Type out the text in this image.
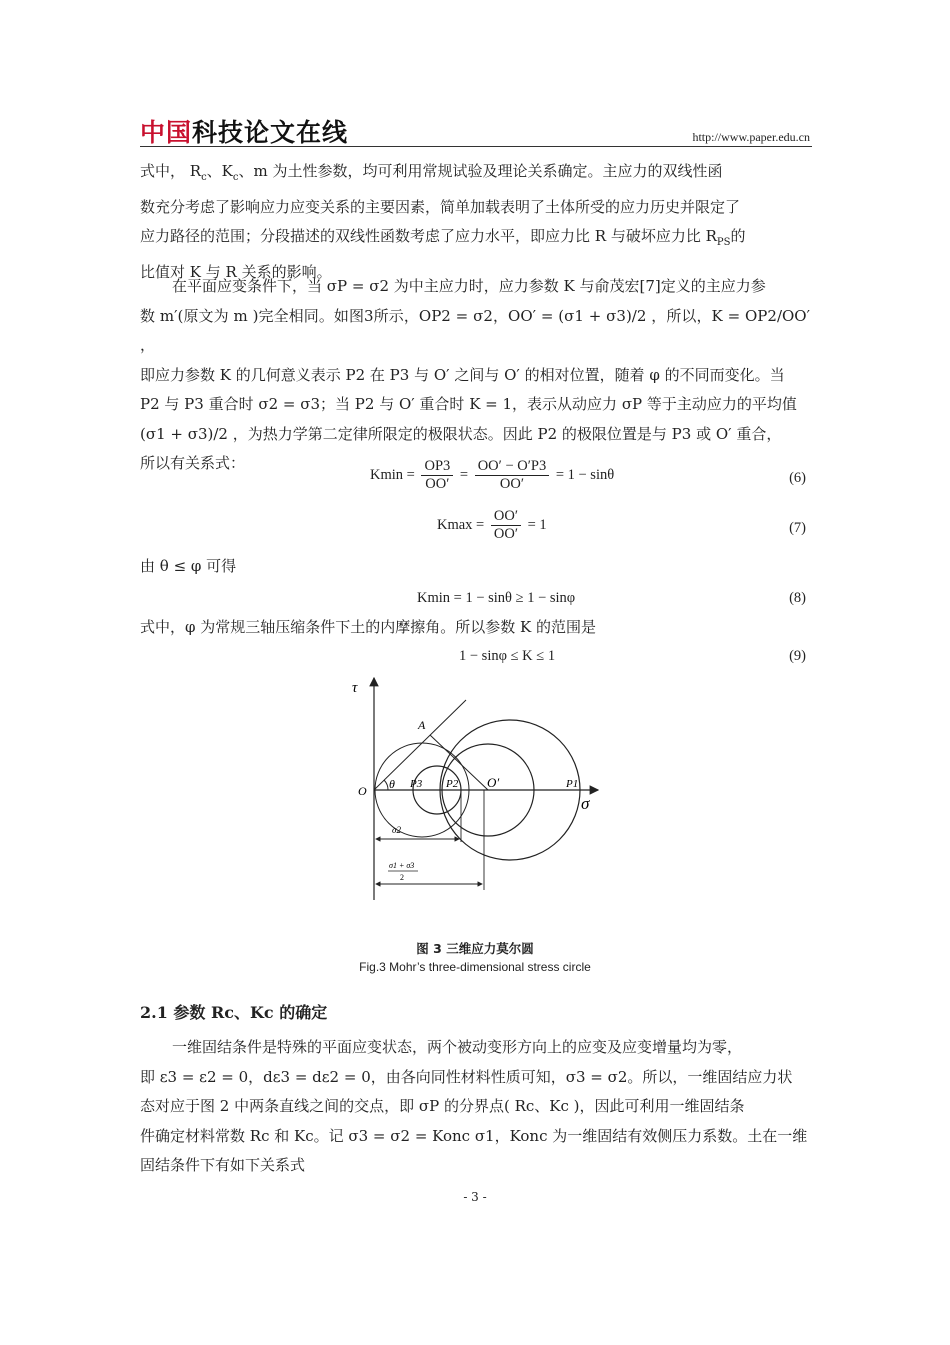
中国科技论文在线	http://www.paper.edu.cn
式中， $R_c$、$K_c$、m 为土性参数，均可利用常规试验及理论关系确定。主应力的双线性函
数充分考虑了影响应力应变关系的主要因素，简单加载表明了土体所受的应力历史并限定了
应力路径的范围；分段描述的双线性函数考虑了应力水平，即应力比 R 与破坏应力比 $R_{PS}$的
比值对 K 与 R 关系的影响。
在平面应变条件下，当 σP = σ2 为中主应力时，应力参数 K 与俞茂宏[7]定义的主应力参
数 m′(原文为 m )完全相同。如图3所示，OP2 = σ2，OO′ = (σ1 + σ3)/2 ，所以，K = OP2/OO′ ，
即应力参数 K 的几何意义表示 P2 在 P3 与 O′ 之间与 O′ 的相对位置，随着 φ 的不同而变化。当
P2 与 P3 重合时 σ2 = σ3；当 P2 与 O′ 重合时 K = 1，表示从动应力 σP 等于主动应力的平均值
(σ1 + σ3)/2 ，为热力学第二定律所限定的极限状态。因此 P2 的极限位置是与 P3 或 O′ 重合，
所以有关系式：
$Kmin = \frac{OP3}{OO'} = \frac{OO' - O'P3}{OO'} = 1 - \sin\theta$	(6)
$Kmax = \frac{OO'}{OO'} = 1$	(7)
由 θ ≤ φ 可得
Kmin = 1 − sinθ ≥ 1 − sinφ	(8)
式中，φ 为常规三轴压缩条件下土的内摩擦角。所以参数 K 的范围是
1 − sinφ ≤ K ≤ 1	(9)
τ
σ
O
A
θ P3 P2 O′	P1
σ2
σ1 + σ3
2
图 3 三维应力莫尔圆
Fig.3 Mohr’s three-dimensional stress circle
2.1 参数 Rc、Kc 的确定
一维固结条件是特殊的平面应变状态，两个被动变形方向上的应变及应变增量均为零，
即 ε3 = ε2 = 0，dε3 = dε2 = 0，由各向同性材料性质可知，σ3 = σ2。所以，一维固结应力状
态对应于图 2 中两条直线之间的交点，即 σP 的分界点( Rc、Kc )，因此可利用一维固结条
件确定材料常数 Rc 和 Kc。记 σ3 = σ2 = Konc σ1，Konc 为一维固结有效侧压力系数。土在一维
固结条件下有如下关系式
- 3 -
